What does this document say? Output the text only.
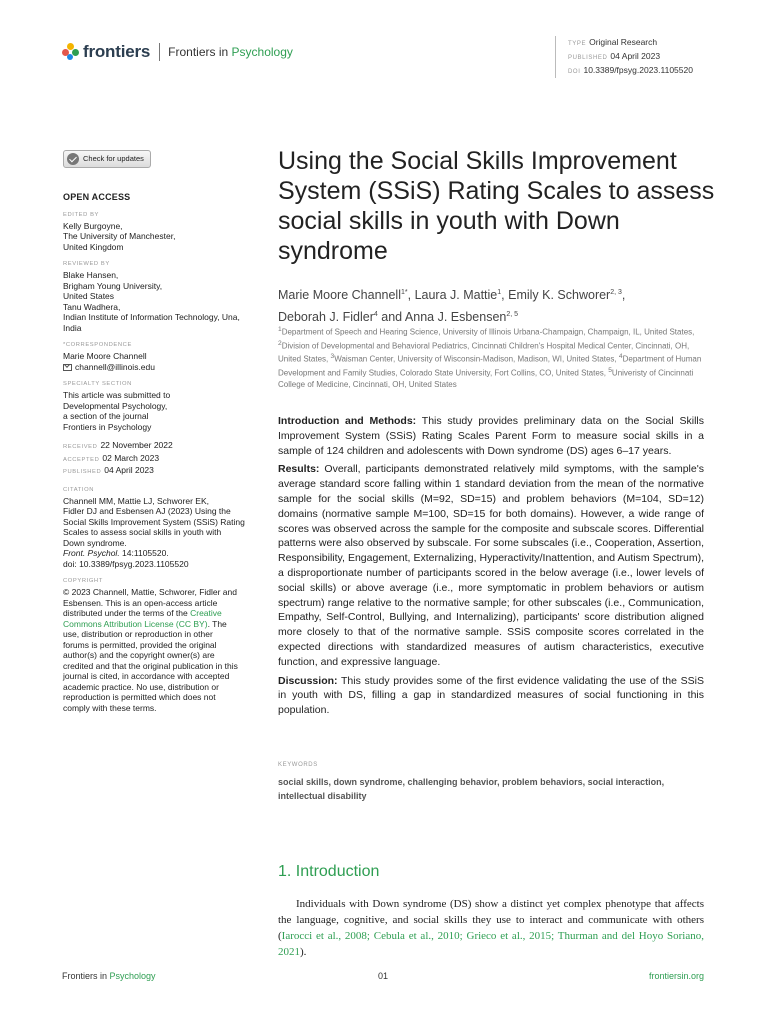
frontiers Frontiers in Psychology
TYPE Original Research
PUBLISHED 04 April 2023
DOI 10.3389/fpsyg.2023.1105520
Check for updates
OPEN ACCESS
EDITED BY
Kelly Burgoyne,
The University of Manchester,
United Kingdom
REVIEWED BY
Blake Hansen,
Brigham Young University,
United States
Tanu Wadhera,
Indian Institute of Information Technology, Una,
India
*CORRESPONDENCE
Marie Moore Channell
channell@illinois.edu
SPECIALTY SECTION
This article was submitted to
Developmental Psychology,
a section of the journal
Frontiers in Psychology
RECEIVED 22 November 2022
ACCEPTED 02 March 2023
PUBLISHED 04 April 2023
CITATION
Channell MM, Mattie LJ, Schworer EK,
Fidler DJ and Esbensen AJ (2023) Using the
Social Skills Improvement System (SSiS) Rating
Scales to assess social skills in youth with
Down syndrome.
Front. Psychol. 14:1105520.
doi: 10.3389/fpsyg.2023.1105520
COPYRIGHT
© 2023 Channell, Mattie, Schworer, Fidler and
Esbensen. This is an open-access article
distributed under the terms of the Creative
Commons Attribution License (CC BY). The
use, distribution or reproduction in other
forums is permitted, provided the original
author(s) and the copyright owner(s) are
credited and that the original publication in this
journal is cited, in accordance with accepted
academic practice. No use, distribution or
reproduction is permitted which does not
comply with these terms.
Using the Social Skills Improvement System (SSiS) Rating Scales to assess social skills in youth with Down syndrome
Marie Moore Channell$^{1*}$, Laura J. Mattie$^1$, Emily K. Schworer$^{2, 3}$,
Deborah J. Fidler$^4$ and Anna J. Esbensen$^{2, 5}$
$^1$Department of Speech and Hearing Science, University of Illinois Urbana-Champaign, Champaign, IL, United States, $^2$Division of Developmental and Behavioral Pediatrics, Cincinnati Children's Hospital Medical Center, Cincinnati, OH, United States, $^3$Waisman Center, University of Wisconsin-Madison, Madison, WI, United States, $^4$Department of Human Development and Family Studies, Colorado State University, Fort Collins, CO, United States, $^5$Univeristy of Cincinnati College of Medicine, Cincinnati, OH, United States

Introduction and Methods: This study provides preliminary data on the Social Skills Improvement System (SSiS) Rating Scales Parent Form to measure social skills in a sample of 124 children and adolescents with Down syndrome (DS) ages 6–17 years.

Results: Overall, participants demonstrated relatively mild symptoms, with the sample's average standard score falling within 1 standard deviation from the mean of the normative sample for the social skills (M=92, SD=15) and problem behaviors (M=104, SD=12) domains (normative sample M=100, SD=15 for both domains). However, a wide range of scores was observed across the sample for the composite and subscale scores. Differential patterns were also observed by subscale. For some subscales (i.e., Cooperation, Assertion, Responsibility, Engagement, Externalizing, Hyperactivity/Inattention, and Autism Spectrum), a disproportionate number of participants scored in the below average (i.e., lower levels of social skills) or above average (i.e., more symptomatic in problem behaviors or autism spectrum) range relative to the normative sample; for other subscales (i.e., Communication, Empathy, Self-Control, Bullying, and Internalizing), participants' score distribution aligned more closely to that of the normative sample. SSiS composite scores correlated in the expected directions with standardized measures of autism characteristics, executive function, and expressive language.

Discussion: This study provides some of the first evidence validating the use of the SSiS in youth with DS, filling a gap in standardized measures of social functioning in this population.

KEYWORDS
social skills, down syndrome, challenging behavior, problem behaviors, social interaction, intellectual disability
1. Introduction

Individuals with Down syndrome (DS) show a distinct yet complex phenotype that affects the language, cognitive, and social skills they use to interact and communicate with others (Iarocci et al., 2008; Cebula et al., 2010; Grieco et al., 2015; Thurman and del Hoyo Soriano, 2021).

Frontiers in Psychology	01	frontiersin.org
